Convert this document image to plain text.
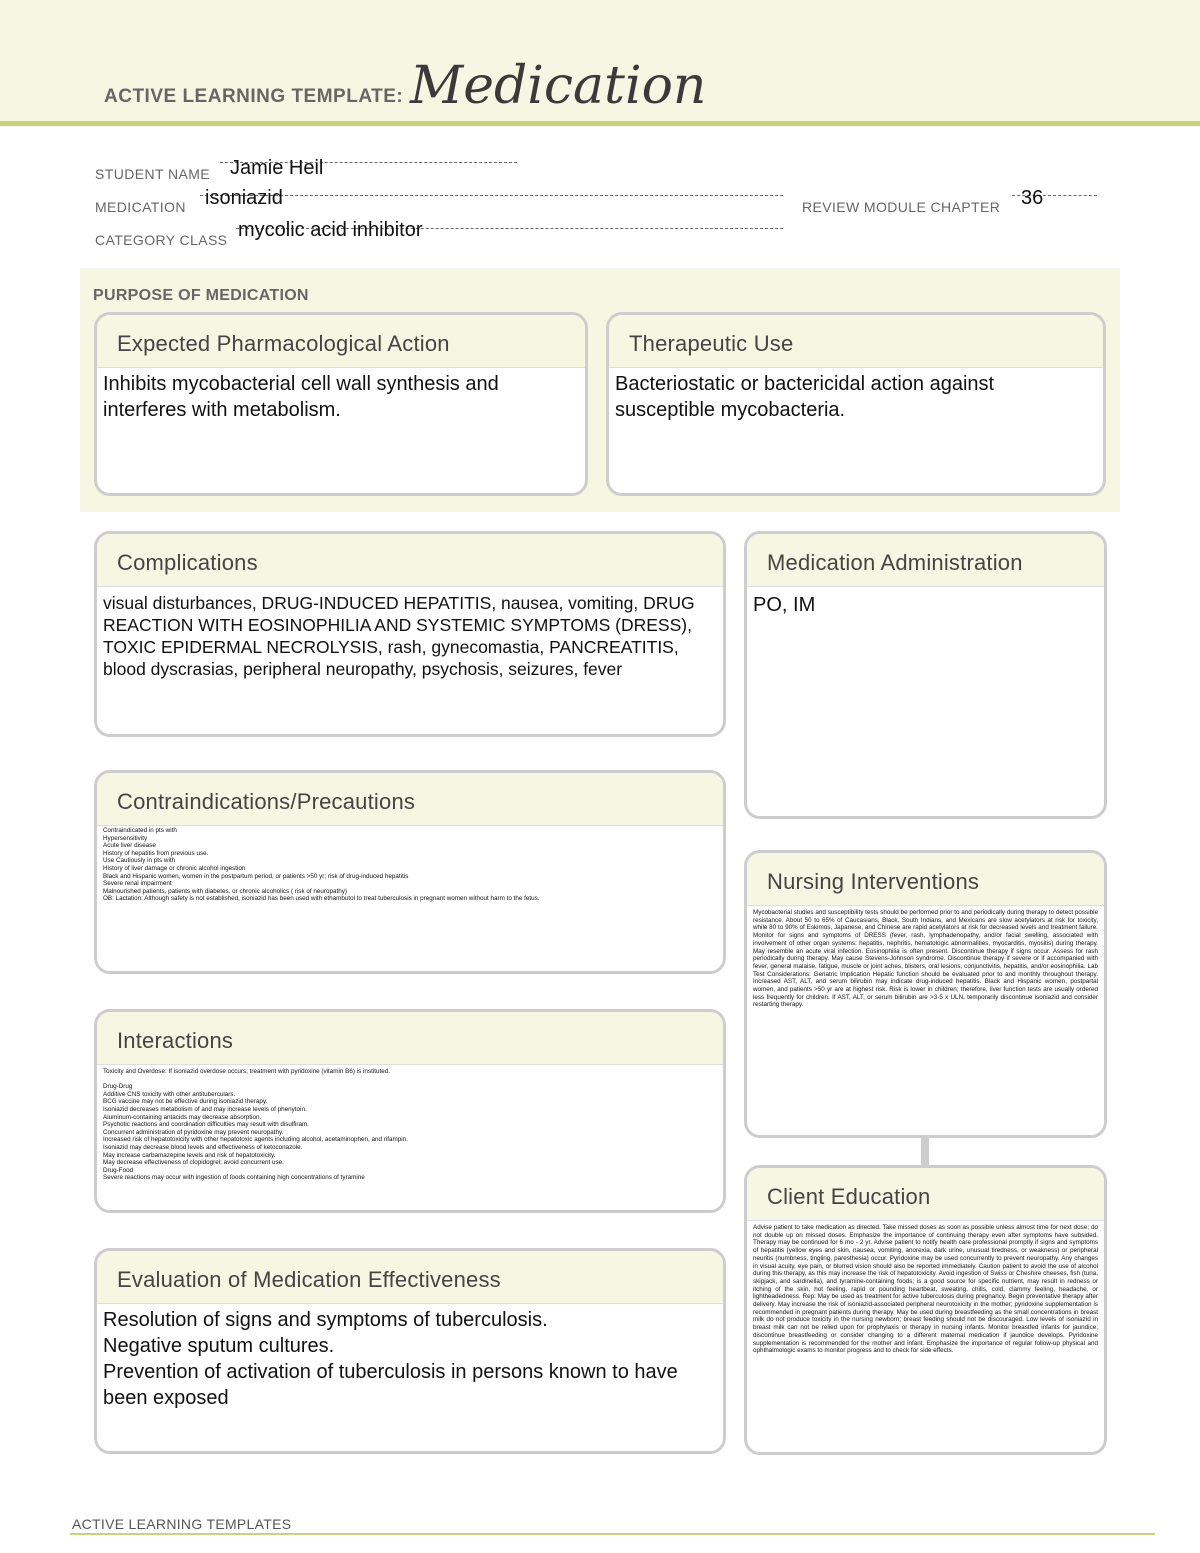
ACTIVE LEARNING TEMPLATE: Medication
STUDENT NAME Jamie Heil
MEDICATION isoniazid	REVIEW MODULE CHAPTER 36
CATEGORY CLASS mycolic acid inhibitor
PURPOSE OF MEDICATION
Expected Pharmacological Action
Inhibits mycobacterial cell wall synthesis and interferes with metabolism.
Therapeutic Use
Bacteriostatic or bactericidal action against susceptible mycobacteria.
Complications
visual disturbances, DRUG-INDUCED HEPATITIS, nausea, vomiting, DRUG REACTION WITH EOSINOPHILIA AND SYSTEMIC SYMPTOMS (DRESS), TOXIC EPIDERMAL NECROLYSIS, rash, gynecomastia, PANCREATITIS, blood dyscrasias, peripheral neuropathy, psychosis, seizures, fever
Medication Administration
PO, IM
Contraindications/Precautions
Contraindicated in pts with
Hypersensitivity
Acute liver disease
History of hepatitis from previous use.
Use Cautiously in pts with
History of liver damage or chronic alcohol ingestion
Black and Hispanic women, women in the postpartum period, or patients >50 yr; risk of drug-induced hepatitis
Severe renal impairment
Malnourished patients, patients with diabetes, or chronic alcoholics ( risk of neuropathy)
OB: Lactation: Although safety is not established, isoniazid has been used with ethambutol to treat tuberculosis in pregnant women without harm to the fetus.
Nursing Interventions
Mycobacterial studies and susceptibility tests should be performed prior to and periodically during therapy to detect possible resistance. About 50 to 65% of Caucasians, Black, South Indians, and Mexicans are slow acetylators at risk for toxicity, while 80 to 90% of Eskimos, Japanese, and Chinese are rapid acetylators at risk for decreased levels and treatment failure. Monitor for signs and symptoms of DRESS (fever, rash, lymphadenopathy, and/or facial swelling, associated with involvement of other organ systems: hepatitis, nephritis, hematologic abnormalities, myocarditis, myositis) during therapy. May resemble an acute viral infection. Eosinophilia is often present. Discontinue therapy if signs occur. Assess for rash periodically during therapy. May cause Stevens-Johnson syndrome. Discontinue therapy if severe or if accompanied with fever, general malaise, fatigue, muscle or joint aches, blisters, oral lesions, conjunctivitis, hepatitis, and/or eosinophilia. Lab Test Considerations: Geriatric Implication Hepatic function should be evaluated prior to and monthly throughout therapy. Increased AST, ALT, and serum bilirubin may indicate drug-induced hepatitis. Black and Hispanic women, postpartal women, and patients >50 yr are at highest risk. Risk is lower in children; therefore, liver function tests are usually ordered less frequently for children. If AST, ALT, or serum bilirubin are >3-5 x ULN, temporarily discontinue isoniazid and consider restarting therapy.
Interactions
Toxicity and Overdose: If isoniazid overdose occurs, treatment with pyridoxine (vitamin B6) is instituted.

Drug-Drug
Additive CNS toxicity with other antituberculars.
BCG vaccine may not be effective during isoniazid therapy.
Isoniazid decreases metabolism of and may increase levels of phenytoin.
Aluminum-containing antacids may decrease absorption.
Psychotic reactions and coordination difficulties may result with disulfiram.
Concurrent administration of pyridoxine may prevent neuropathy.
Increased risk of hepatotoxicity with other hepatotoxic agents including alcohol, acetaminophen, and rifampin.
Isoniazid may decrease blood levels and effectiveness of ketoconazole.
May increase carbamazepine levels and risk of hepatotoxicity.
May decrease effectiveness of clopidogrel; avoid concurrent use.
Drug-Food
Severe reactions may occur with ingestion of foods containing high concentrations of tyramine
Client Education
Advise patient to take medication as directed. Take missed doses as soon as possible unless almost time for next dose; do not double up on missed doses. Emphasize the importance of continuing therapy even after symptoms have subsided. Therapy may be continued for 6 mo - 2 yr. Advise patient to notify health care professional promptly if signs and symptoms of hepatitis (yellow eyes and skin, nausea, vomiting, anorexia, dark urine, unusual tiredness, or weakness) or peripheral neuritis (numbness, tingling, paresthesia) occur. Pyridoxine may be used concurrently to prevent neuropathy. Any changes in visual acuity, eye pain, or blurred vision should also be reported immediately. Caution patient to avoid the use of alcohol during this therapy, as this may increase the risk of hepatotoxicity. Avoid ingestion of Swiss or Cheshire cheeses, fish (tuna, skipjack, and sardinella), and tyramine-containing foods; is a good source for specific nutrient, may result in redness or itching of the skin, hot feeling, rapid or pounding heartbeat, sweating, chills, cold, clammy feeling, headache, or lightheadedness. Rep: May be used as treatment for active tuberculosis during pregnancy. Begin preventative therapy after delivery. May increase the risk of isoniazid-associated peripheral neurotoxicity in the mother; pyridoxine supplementation is recommended in pregnant patients during therapy. May be used during breastfeeding as the small concentrations in breast milk do not produce toxicity in the nursing newborn; breast feeding should not be discouraged. Low levels of isoniazid in breast milk can not be relied upon for prophylaxis or therapy in nursing infants. Monitor breastfed infants for jaundice; discontinue breastfeeding or consider changing to a different maternal medication if jaundice develops. Pyridoxine supplementation is recommended for the mother and infant. Emphasize the importance of regular follow-up physical and ophthalmologic exams to monitor progress and to check for side effects.
Evaluation of Medication Effectiveness
Resolution of signs and symptoms of tuberculosis.
Negative sputum cultures.
Prevention of activation of tuberculosis in persons known to have been exposed
ACTIVE LEARNING TEMPLATES
